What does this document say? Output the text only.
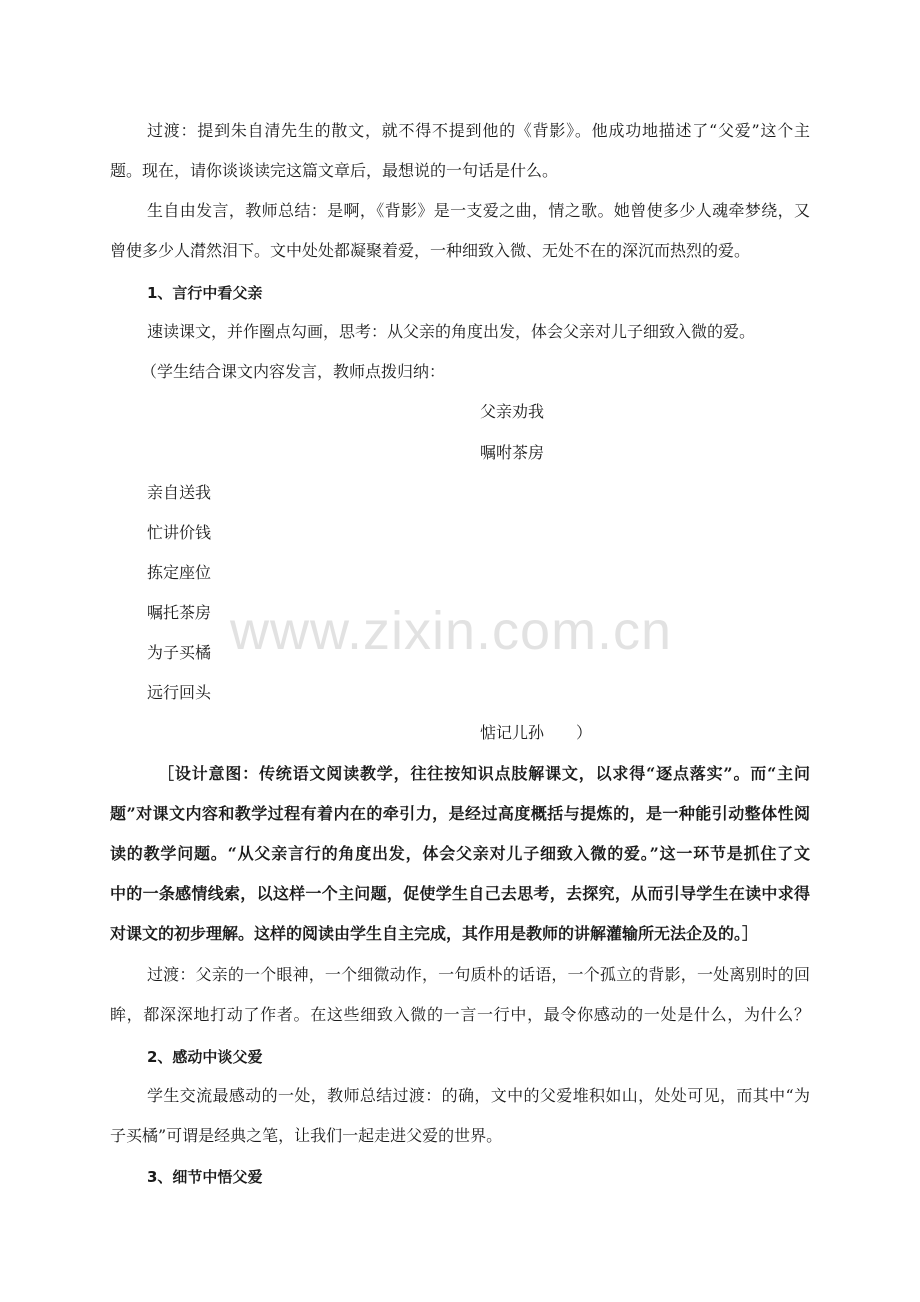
过渡：提到朱自清先生的散文，就不得不提到他的《背影》。他成功地描述了“父爱”这个主
题。现在，请你谈谈读完这篇文章后，最想说的一句话是什么。
生自由发言，教师总结：是啊，《背影》是一支爱之曲，情之歌。她曾使多少人魂牵梦绕，又
曾使多少人潸然泪下。文中处处都凝聚着爱，一种细致入微、无处不在的深沉而热烈的爱。
1、言行中看父亲
速读课文，并作圈点勾画，思考：从父亲的角度出发，体会父亲对儿子细致入微的爱。
（学生结合课文内容发言，教师点拨归纳：
父亲劝我
嘱咐茶房
亲自送我
忙讲价钱
拣定座位
嘱托茶房
为子买橘
远行回头
惦记儿孙　　）
［设计意图：传统语文阅读教学，往往按知识点肢解课文，以求得“逐点落实”。而“主问
题”对课文内容和教学过程有着内在的牵引力，是经过高度概括与提炼的，是一种能引动整体性阅
读的教学问题。“从父亲言行的角度出发，体会父亲对儿子细致入微的爱。”这一环节是抓住了文
中的一条感情线索，以这样一个主问题，促使学生自己去思考，去探究，从而引导学生在读中求得
对课文的初步理解。这样的阅读由学生自主完成，其作用是教师的讲解灌输所无法企及的。］
过渡：父亲的一个眼神，一个细微动作，一句质朴的话语，一个孤立的背影，一处离别时的回
眸，都深深地打动了作者。在这些细致入微的一言一行中，最令你感动的一处是什么，为什么？
2、感动中谈父爱
学生交流最感动的一处，教师总结过渡：的确，文中的父爱堆积如山，处处可见，而其中“为
子买橘”可谓是经典之笔，让我们一起走进父爱的世界。
3、细节中悟父爱
www.zixin.com.cn
